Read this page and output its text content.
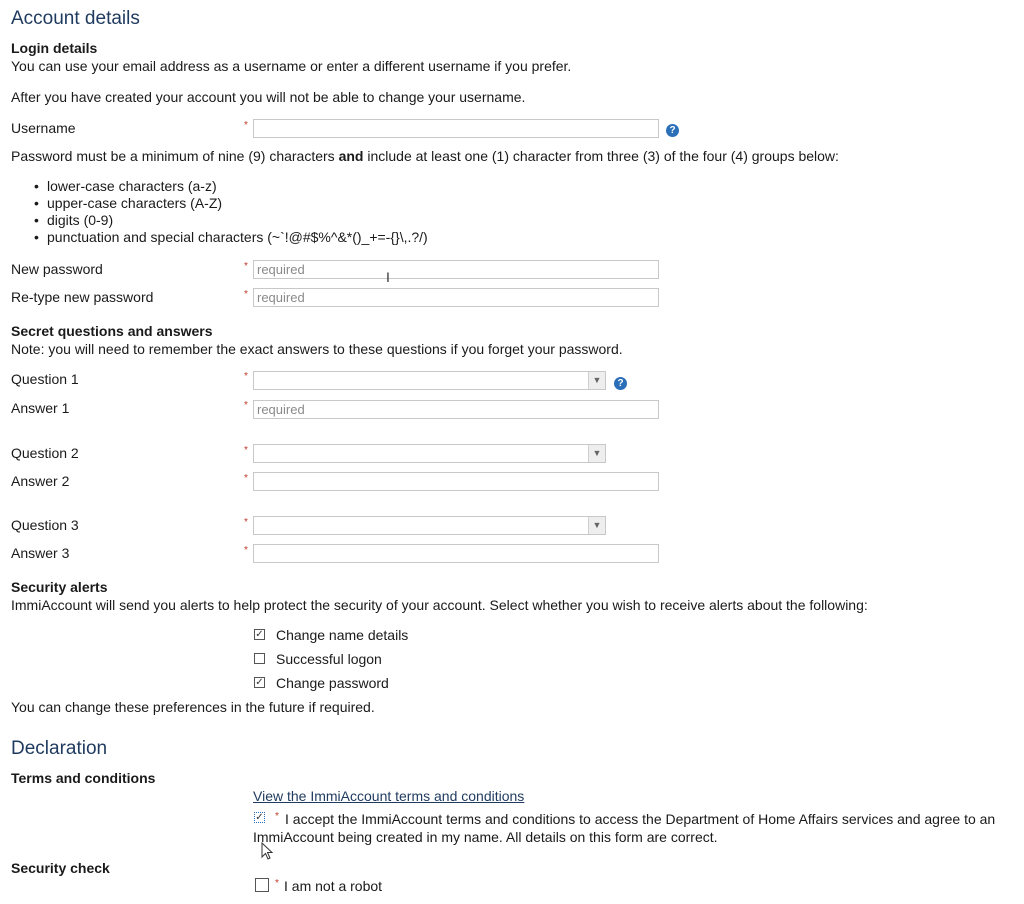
Account details
Login details
You can use your email address as a username or enter a different username if you prefer.
After you have created your account you will not be able to change your username.
Username	*	?
Password must be a minimum of nine (9) characters and include at least one (1) character from three (3) of the four (4) groups below:
• lower-case characters (a-z)
• upper-case characters (A-Z)
• digits (0-9)
• punctuation and special characters (~`!@#$%^&*()_+=-{}\,.?/)
New password	*
I
Re-type new password	*
Secret questions and answers
Note: you will need to remember the exact answers to these questions if you forget your password.
Question 1	*	▼	?
Answer 1	*
required
Question 2	*	▼
Answer 2	*
Question 3	*	▼
Answer 3	*
Security alerts
ImmiAccount will send you alerts to help protect the security of your account. Select whether you wish to receive alerts about the following:
✓ Change name details
Successful logon
✓ Change password
You can change these preferences in the future if required.
Declaration
Terms and conditions
View the ImmiAccount terms and conditions
✓ * I accept the ImmiAccount terms and conditions to access the Department of Home Affairs services and agree to an
ImmiAccount being created in my name. All details on this form are correct.
Security check
* I am not a robot
